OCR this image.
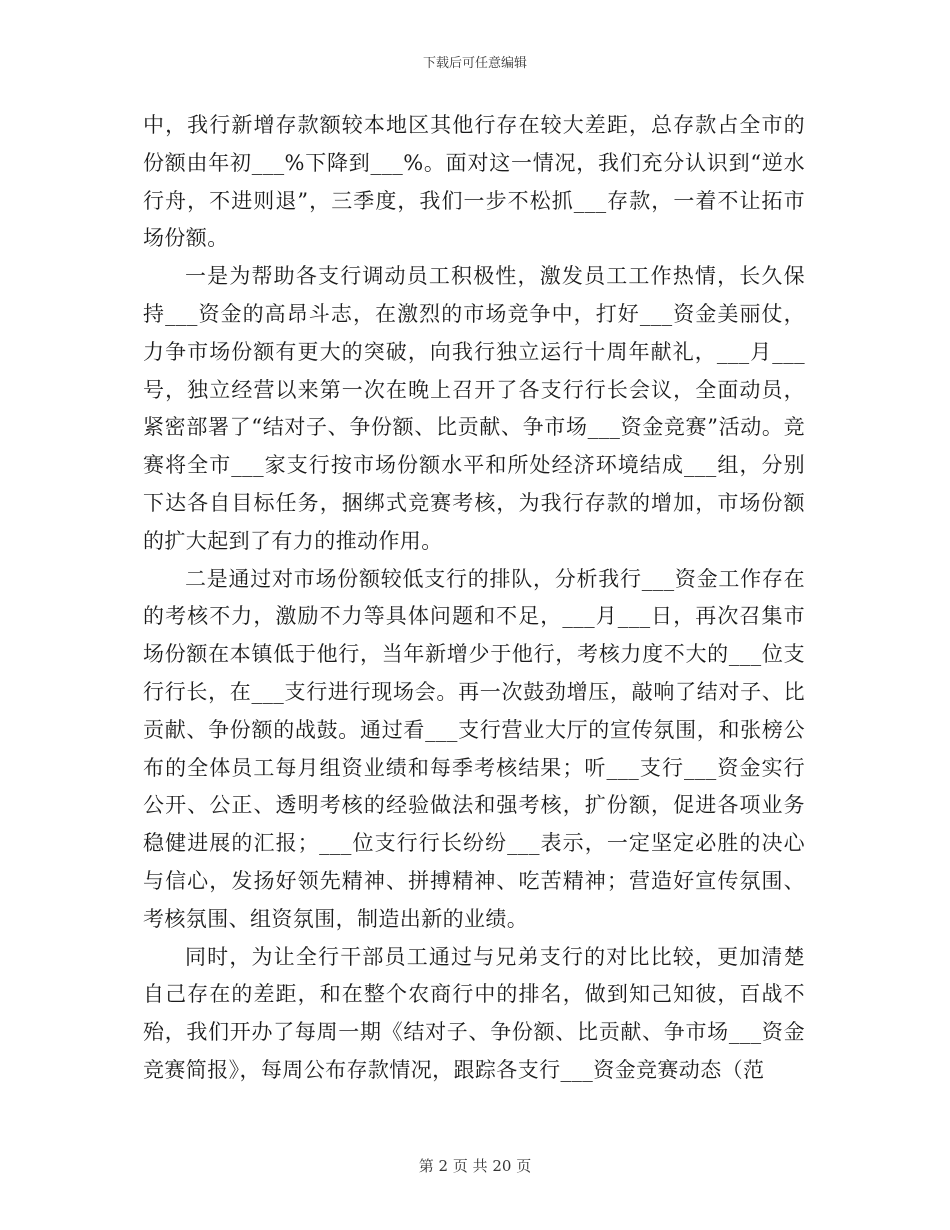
下载后可任意编辑

中，我行新增存款额较本地区其他行存在较大差距，总存款占全市的份额由年初___%下降到___%。面对这一情况，我们充分认识到“逆水行舟，不进则退”，三季度，我们一步不松抓___存款，一着不让拓市场份额。

一是为帮助各支行调动员工积极性，激发员工工作热情，长久保持___资金的高昂斗志，在激烈的市场竞争中，打好___资金美丽仗，力争市场份额有更大的突破，向我行独立运行十周年献礼，___月___号，独立经营以来第一次在晚上召开了各支行行长会议，全面动员，紧密部署了“结对子、争份额、比贡献、争市场___资金竞赛”活动。竞赛将全市___家支行按市场份额水平和所处经济环境结成___组，分别下达各自目标任务，捆绑式竞赛考核，为我行存款的增加，市场份额的扩大起到了有力的推动作用。

二是通过对市场份额较低支行的排队，分析我行___资金工作存在的考核不力，激励不力等具体问题和不足，___月___日，再次召集市场份额在本镇低于他行，当年新增少于他行，考核力度不大的___位支行行长，在___支行进行现场会。再一次鼓劲增压，敲响了结对子、比贡献、争份额的战鼓。通过看___支行营业大厅的宣传氛围，和张榜公布的全体员工每月组资业绩和每季考核结果；听___支行___资金实行公开、公正、透明考核的经验做法和强考核，扩份额，促进各项业务稳健进展的汇报；___位支行行长纷纷___表示，一定坚定必胜的决心与信心，发扬好领先精神、拼搏精神、吃苦精神；营造好宣传氛围、考核氛围、组资氛围，制造出新的业绩。

同时，为让全行干部员工通过与兄弟支行的对比比较，更加清楚自己存在的差距，和在整个农商行中的排名，做到知己知彼，百战不殆，我们开办了每周一期《结对子、争份额、比贡献、争市场___资金竞赛简报》，每周公布存款情况，跟踪各支行___资金竞赛动态（范

第 2 页 共 20 页
